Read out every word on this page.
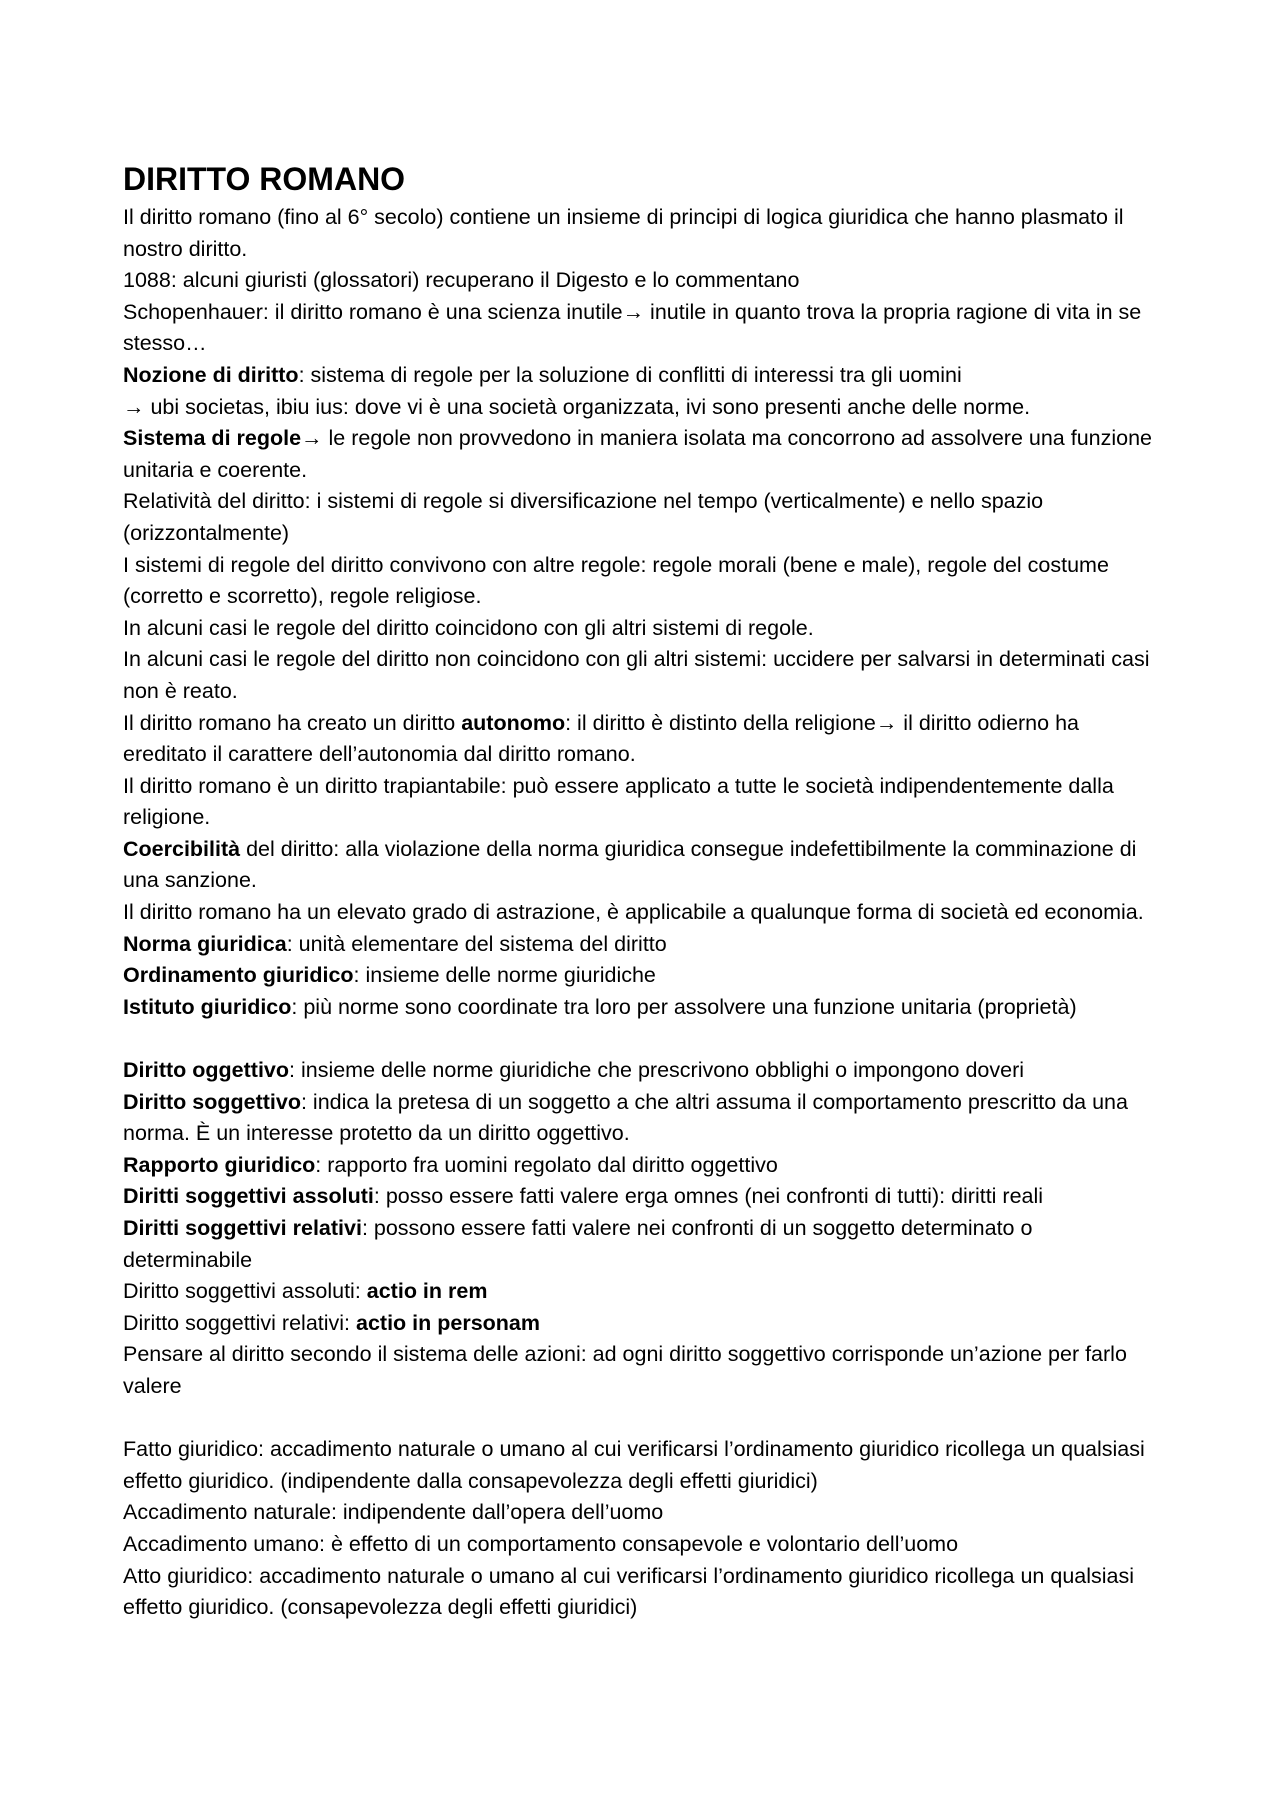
DIRITTO ROMANO

Il diritto romano (fino al 6° secolo) contiene un insieme di principi di logica giuridica che hanno plasmato il nostro diritto.

1088: alcuni giuristi (glossatori) recuperano il Digesto e lo commentano

Schopenhauer: il diritto romano è una scienza inutile→ inutile in quanto trova la propria ragione di vita in se stesso…

Nozione di diritto: sistema di regole per la soluzione di conflitti di interessi tra gli uomini

→ ubi societas, ibiu ius: dove vi è una società organizzata, ivi sono presenti anche delle norme.

Sistema di regole→ le regole non provvedono in maniera isolata ma concorrono ad assolvere una funzione unitaria e coerente.

Relatività del diritto: i sistemi di regole si diversificazione nel tempo (verticalmente) e nello spazio (orizzontalmente)

I sistemi di regole del diritto convivono con altre regole: regole morali (bene e male), regole del costume (corretto e scorretto), regole religiose.

In alcuni casi le regole del diritto coincidono con gli altri sistemi di regole.

In alcuni casi le regole del diritto non coincidono con gli altri sistemi: uccidere per salvarsi in determinati casi non è reato.

Il diritto romano ha creato un diritto autonomo: il diritto è distinto della religione→ il diritto odierno ha ereditato il carattere dell’autonomia dal diritto romano.

Il diritto romano è un diritto trapiantabile: può essere applicato a tutte le società indipendentemente dalla religione.

Coercibilità del diritto: alla violazione della norma giuridica consegue indefettibilmente la comminazione di una sanzione.

Il diritto romano ha un elevato grado di astrazione, è applicabile a qualunque forma di società ed economia.

Norma giuridica: unità elementare del sistema del diritto

Ordinamento giuridico: insieme delle norme giuridiche

Istituto giuridico: più norme sono coordinate tra loro per assolvere una funzione unitaria (proprietà)

Diritto oggettivo: insieme delle norme giuridiche che prescrivono obblighi o impongono doveri

Diritto soggettivo: indica la pretesa di un soggetto a che altri assuma il comportamento prescritto da una norma. È un interesse protetto da un diritto oggettivo.

Rapporto giuridico: rapporto fra uomini regolato dal diritto oggettivo

Diritti soggettivi assoluti: posso essere fatti valere erga omnes (nei confronti di tutti): diritti reali

Diritti soggettivi relativi: possono essere fatti valere nei confronti di un soggetto determinato o determinabile

Diritto soggettivi assoluti: actio in rem

Diritto soggettivi relativi: actio in personam

Pensare al diritto secondo il sistema delle azioni: ad ogni diritto soggettivo corrisponde un’azione per farlo valere

Fatto giuridico: accadimento naturale o umano al cui verificarsi l’ordinamento giuridico ricollega un qualsiasi effetto giuridico. (indipendente dalla consapevolezza degli effetti giuridici)

Accadimento naturale: indipendente dall’opera dell’uomo

Accadimento umano: è effetto di un comportamento consapevole e volontario dell’uomo

Atto giuridico: accadimento naturale o umano al cui verificarsi l’ordinamento giuridico ricollega un qualsiasi effetto giuridico. (consapevolezza degli effetti giuridici)
